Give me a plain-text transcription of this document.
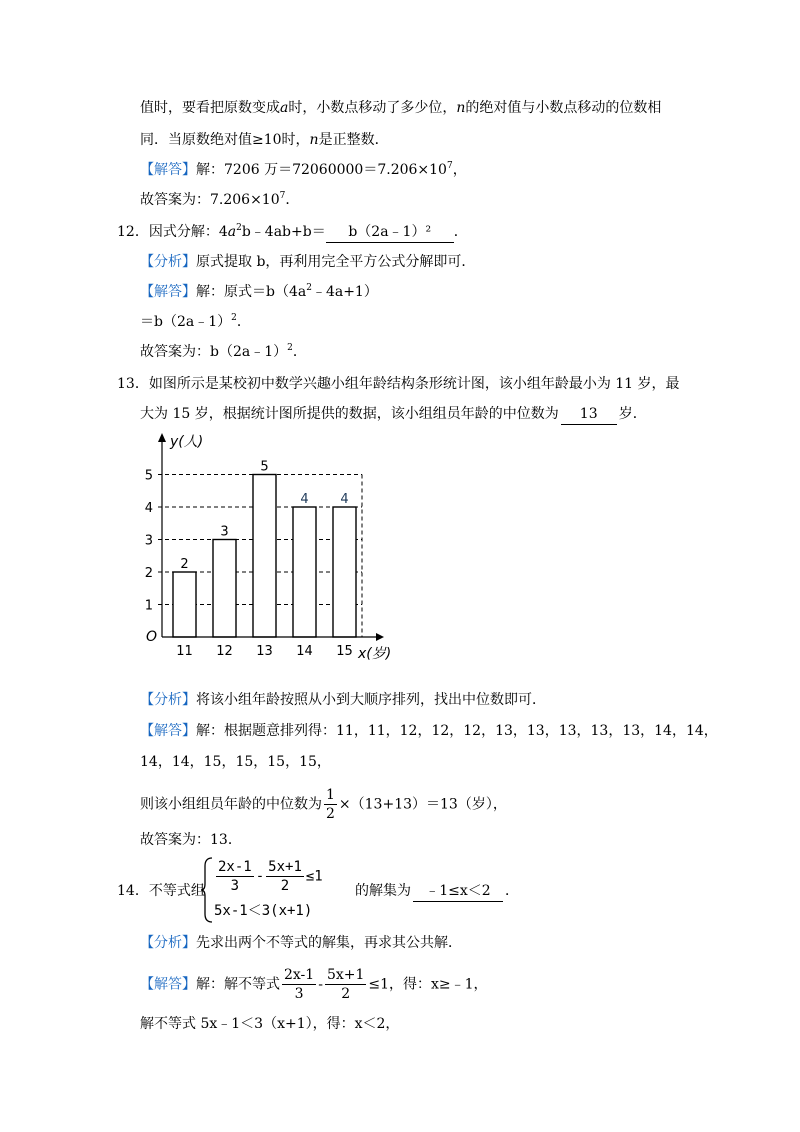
值时，要看把原数变成a时，小数点移动了多少位，n的绝对值与小数点移动的位数相
同．当原数绝对值≥10时，n是正整数．
【解答】解：7206 万$=72060000=7.206\times 10^7$，
故答案为：$7.206\times 10^7$．
12．因式分解：$4a^2b﹣4ab+b=$ b（2a﹣1）² ．
【分析】原式提取 b，再利用完全平方公式分解即可．
【解答】解：原式$=b(4a^2﹣4a+1)$
＝b（2a﹣1）$^2$．
故答案为：b（2a﹣1）$^2$．
13．如图所示是某校初中数学兴趣小组年龄结构条形统计图，该小组年龄最小为 11 岁，最
大为 15 岁，根据统计图所提供的数据，该小组组员年龄的中位数为 13 岁．
1
2
3
4
5
2
11
3
12
5
13
4
14
4
15
y(人)
x(岁)
O
【分析】将该小组年龄按照从小到大顺序排列，找出中位数即可．
【解答】解：根据题意排列得：11，11，12，12，12，13，13，13，13，13，14，14，
14，14，15，15，15，15，
则该小组组员年龄的中位数为 $\frac{1}{2} \times(13+13)=13$（岁），
故答案为：13．
14．不等式组 $\frac{2x-1}{3} - \frac{5x+1}{2} \le 1$
5x-1＜3(x+1)
的解集为 ﹣1≤x＜2 ．
【分析】先求出两个不等式的解集，再求其公共解．
【解答】解：解不等式 $\frac{2x-1}{3} - \frac{5x+1}{2} \le 1$，得：x≥﹣1，
解不等式 5x﹣1＜3（x+1），得：x＜2，
